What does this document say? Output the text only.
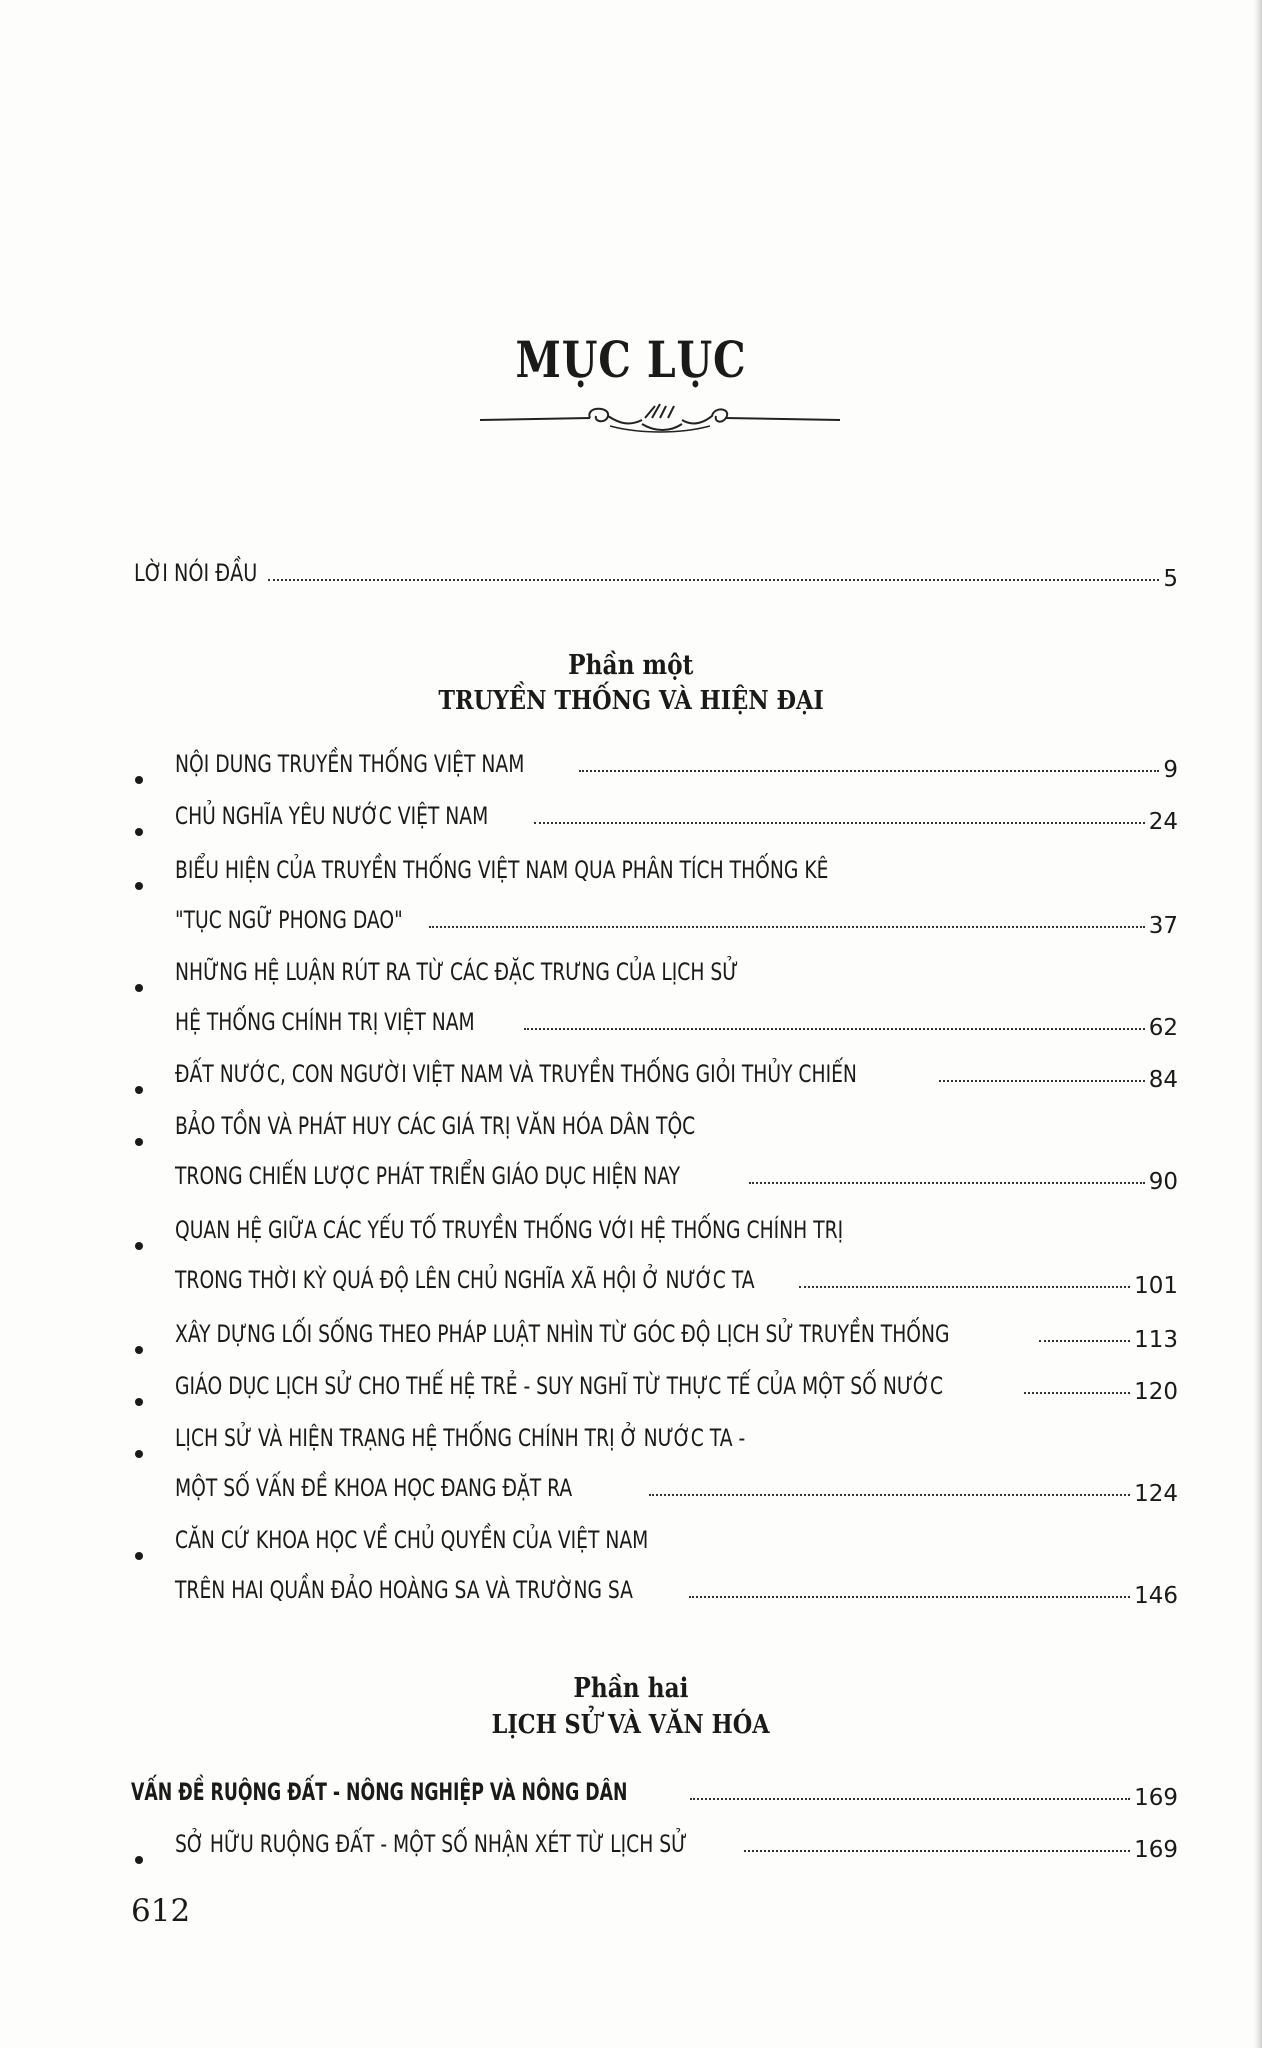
MỤC LỤC
LỜI NÓI ĐẦU	5
Phần một
TRUYỀN THỐNG VÀ HIỆN ĐẠI
NỘI DUNG TRUYỀN THỐNG VIỆT NAM	9
CHỦ NGHĨA YÊU NƯỚC VIỆT NAM	24
BIỂU HIỆN CỦA TRUYỀN THỐNG VIỆT NAM QUA PHÂN TÍCH THỐNG KÊ
"TỤC NGỮ PHONG DAO"	37
NHỮNG HỆ LUẬN RÚT RA TỪ CÁC ĐẶC TRƯNG CỦA LỊCH SỬ
HỆ THỐNG CHÍNH TRỊ VIỆT NAM	62
ĐẤT NƯỚC, CON NGƯỜI VIỆT NAM VÀ TRUYỀN THỐNG GIỎI THỦY CHIẾN	84
BẢO TỒN VÀ PHÁT HUY CÁC GIÁ TRỊ VĂN HÓA DÂN TỘC
TRONG CHIẾN LƯỢC PHÁT TRIỂN GIÁO DỤC HIỆN NAY	90
QUAN HỆ GIỮA CÁC YẾU TỐ TRUYỀN THỐNG VỚI HỆ THỐNG CHÍNH TRỊ
TRONG THỜI KỲ QUÁ ĐỘ LÊN CHỦ NGHĨA XÃ HỘI Ở NƯỚC TA	101
XÂY DỰNG LỐI SỐNG THEO PHÁP LUẬT NHÌN TỪ GÓC ĐỘ LỊCH SỬ TRUYỀN THỐNG	113
GIÁO DỤC LỊCH SỬ CHO THẾ HỆ TRẺ - SUY NGHĨ TỪ THỰC TẾ CỦA MỘT SỐ NƯỚC	120
LỊCH SỬ VÀ HIỆN TRẠNG HỆ THỐNG CHÍNH TRỊ Ở NƯỚC TA -
MỘT SỐ VẤN ĐỀ KHOA HỌC ĐANG ĐẶT RA	124
CĂN CỨ KHOA HỌC VỀ CHỦ QUYỀN CỦA VIỆT NAM
TRÊN HAI QUẦN ĐẢO HOÀNG SA VÀ TRƯỜNG SA	146
Phần hai
LỊCH SỬ VÀ VĂN HÓA
VẤN ĐỀ RUỘNG ĐẤT - NÔNG NGHIỆP VÀ NÔNG DÂN	169
SỞ HỮU RUỘNG ĐẤT - MỘT SỐ NHẬN XÉT TỪ LỊCH SỬ	169
612
